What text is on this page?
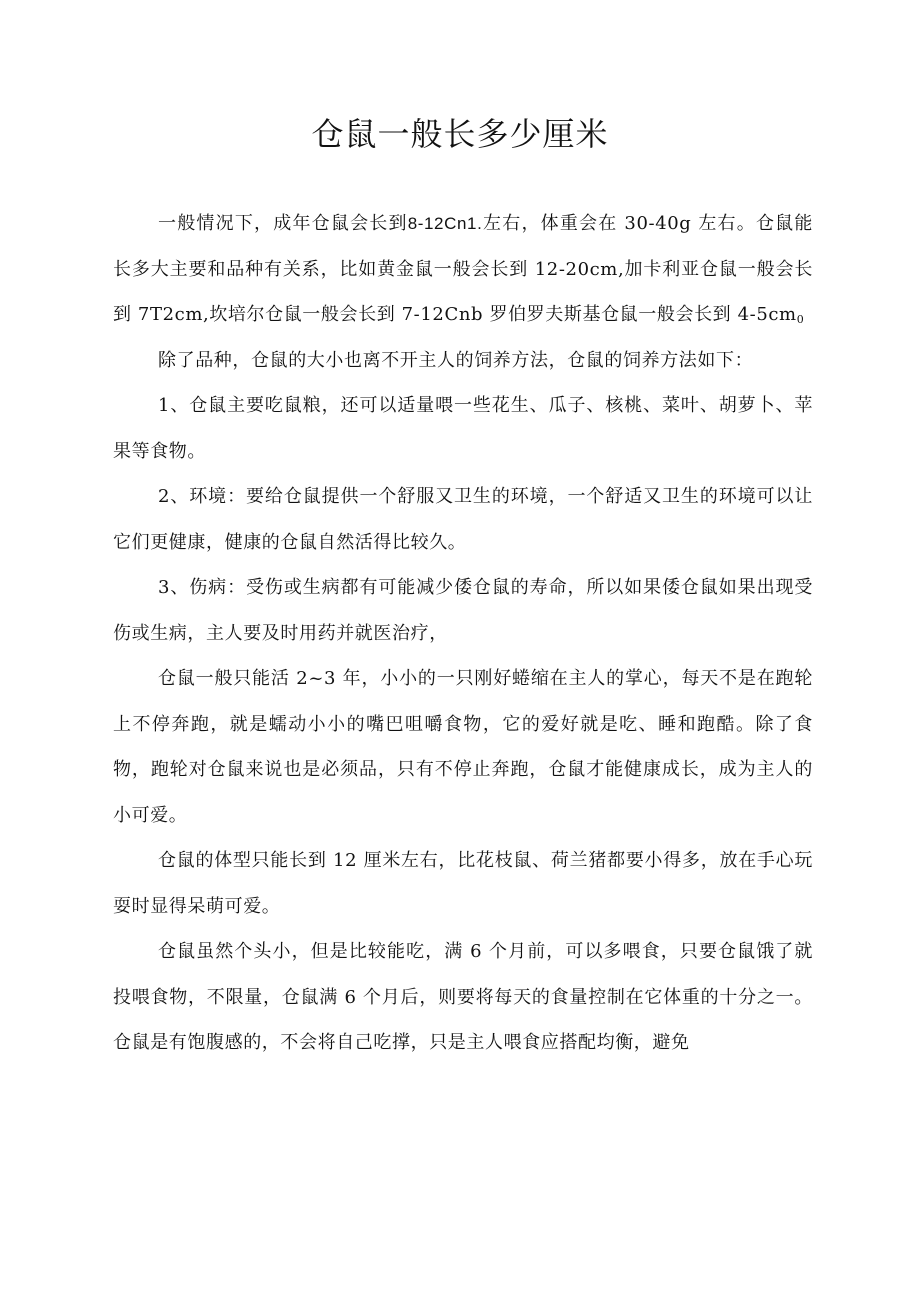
仓鼠一般长多少厘米

一般情况下，成年仓鼠会长到8-12Cn1.左右，体重会在 30-40g 左右。仓鼠能长多大主要和品种有关系，比如黄金鼠一般会长到 12-20cm,加卡利亚仓鼠一般会长到 7T2cm,坎培尔仓鼠一般会长到 7-12Cnb 罗伯罗夫斯基仓鼠一般会长到 $4-5cm_0$

除了品种，仓鼠的大小也离不开主人的饲养方法，仓鼠的饲养方法如下：

1、仓鼠主要吃鼠粮，还可以适量喂一些花生、瓜子、核桃、菜叶、胡萝卜、苹果等食物。

2、环境：要给仓鼠提供一个舒服又卫生的环境，一个舒适又卫生的环境可以让它们更健康，健康的仓鼠自然活得比较久。

3、伤病：受伤或生病都有可能减少倭仓鼠的寿命，所以如果倭仓鼠如果出现受伤或生病，主人要及时用药并就医治疗，

仓鼠一般只能活 2~3 年，小小的一只刚好蜷缩在主人的掌心，每天不是在跑轮上不停奔跑，就是蠕动小小的嘴巴咀嚼食物，它的爱好就是吃、睡和跑酷。除了食物，跑轮对仓鼠来说也是必须品，只有不停止奔跑，仓鼠才能健康成长，成为主人的小可爱。

仓鼠的体型只能长到 12 厘米左右，比花枝鼠、荷兰猪都要小得多，放在手心玩耍时显得呆萌可爱。

仓鼠虽然个头小，但是比较能吃，满 6 个月前，可以多喂食，只要仓鼠饿了就投喂食物，不限量，仓鼠满 6 个月后，则要将每天的食量控制在它体重的十分之一。仓鼠是有饱腹感的，不会将自己吃撑，只是主人喂食应搭配均衡，避免
